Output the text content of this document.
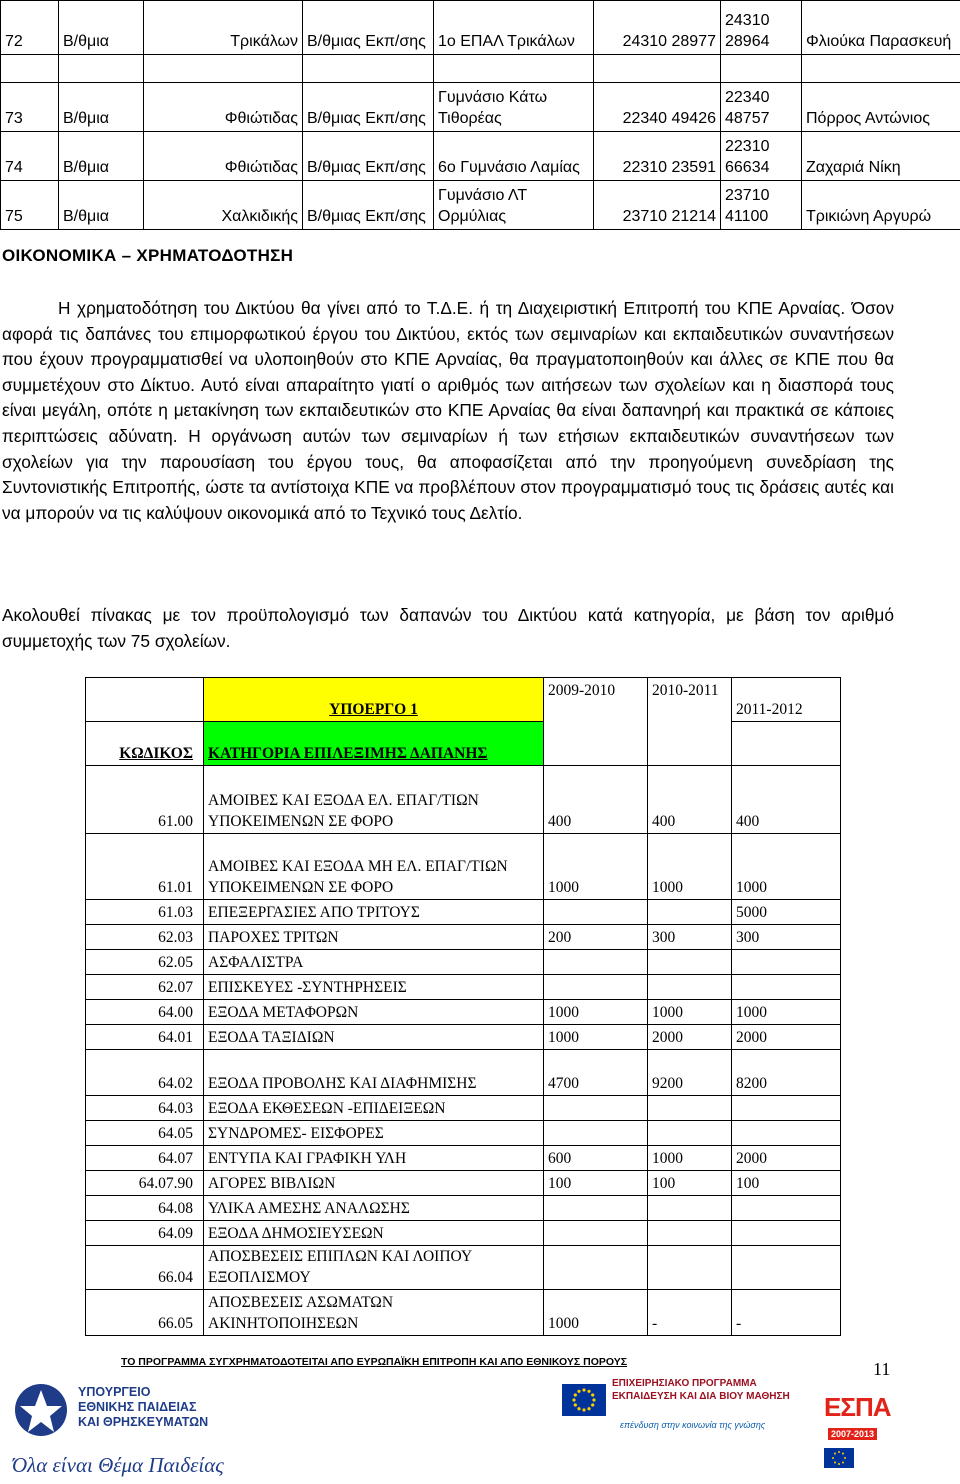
72	Β/θμια	Τρικάλων	Β/θμιας Εκπ/σης	1ο ΕΠΑΛ Τρικάλων	24310 28977	24310 28964	Φλιούκα Παρασκευή

73	Β/θμια	Φθιώτιδας	Β/θμιας Εκπ/σης	Γυμνάσιο Κάτω Τιθορέας	22340 49426	22340 48757	Πόρρος Αντώνιος
74	Β/θμια	Φθιώτιδας	Β/θμιας Εκπ/σης	6ο Γυμνάσιο Λαμίας	22310 23591	22310 66634	Ζαχαριά Νίκη
75	Β/θμια	Χαλκιδικής	Β/θμιας Εκπ/σης	Γυμνάσιο ΛΤ Ορμύλιας	23710 21214	23710 41100	Τρικιώνη Αργυρώ
ΟΙΚΟΝΟΜΙΚΑ – ΧΡΗΜΑΤΟΔΟΤΗΣΗ
Η χρηματοδότηση του Δικτύου θα γίνει από το Τ.Δ.Ε. ή τη Διαχειριστική Επιτροπή του ΚΠΕ Αρναίας. Όσον αφορά τις δαπάνες του επιμορφωτικού έργου του Δικτύου, εκτός των σεμιναρίων και εκπαιδευτικών συναντήσεων που έχουν προγραμματισθεί να υλοποιηθούν στο ΚΠΕ Αρναίας, θα πραγματοποιηθούν και άλλες σε ΚΠΕ που θα συμμετέχουν στο Δίκτυο. Αυτό είναι απαραίτητο γιατί ο αριθμός των αιτήσεων των σχολείων και η διασπορά τους είναι μεγάλη, οπότε η μετακίνηση των εκπαιδευτικών στο ΚΠΕ Αρναίας θα είναι δαπανηρή και πρακτικά σε κάποιες περιπτώσεις αδύνατη. Η οργάνωση αυτών των σεμιναρίων ή των ετήσιων εκπαιδευτικών συναντήσεων των σχολείων για την παρουσίαση του έργου τους, θα αποφασίζεται από την προηγούμενη συνεδρίαση της Συντονιστικής Επιτροπής, ώστε τα αντίστοιχα ΚΠΕ να προβλέπουν στον προγραμματισμό τους τις δράσεις αυτές και να μπορούν να τις καλύψουν οικονομικά από το Τεχνικό τους Δελτίο.
Ακολουθεί πίνακας με τον προϋπολογισμό των δαπανών του Δικτύου κατά κατηγορία, με βάση τον αριθμό συμμετοχής των 75 σχολείων.

	ΥΠΟΕΡΓΟ 1	2009-2010	2010-2011	2011-2012
ΚΩΔΙΚΟΣ	ΚΑΤΗΓΟΡΙΑ ΕΠΙΛΕΞΙΜΗΣ ΔΑΠΑΝΗΣ			
61.00	ΑΜΟΙΒΕΣ ΚΑΙ ΕΞΟΔΑ ΕΛ. ΕΠΑΓ/ΤΙΩΝ ΥΠΟΚΕΙΜΕΝΩΝ ΣΕ ΦΟΡΟ	400	400	400
61.01	ΑΜΟΙΒΕΣ ΚΑΙ ΕΞΟΔΑ ΜΗ ΕΛ. ΕΠΑΓ/ΤΙΩΝ ΥΠΟΚΕΙΜΕΝΩΝ ΣΕ ΦΟΡΟ	1000	1000	1000
61.03	ΕΠΕΞΕΡΓΑΣΙΕΣ ΑΠΟ ΤΡΙΤΟΥΣ			5000
62.03	ΠΑΡΟΧΕΣ ΤΡΙΤΩΝ	200	300	300
62.05	ΑΣΦΑΛΙΣΤΡΑ			
62.07	ΕΠΙΣΚΕΥΕΣ -ΣΥΝΤΗΡΗΣΕΙΣ			
64.00	ΕΞΟΔΑ ΜΕΤΑΦΟΡΩΝ	1000	1000	1000
64.01	ΕΞΟΔΑ ΤΑΞΙΔΙΩΝ	1000	2000	2000
64.02	ΕΞΟΔΑ ΠΡΟΒΟΛΗΣ ΚΑΙ ΔΙΑΦΗΜΙΣΗΣ	4700	9200	8200
64.03	ΕΞΟΔΑ ΕΚΘΕΣΕΩΝ -ΕΠΙΔΕΙΞΕΩΝ			
64.05	ΣΥΝΔΡΟΜΕΣ- ΕΙΣΦΟΡΕΣ			
64.07	ΕΝΤΥΠΑ ΚΑΙ ΓΡΑΦΙΚΗ ΥΛΗ	600	1000	2000
64.07.90	ΑΓΟΡΕΣ ΒΙΒΛΙΩΝ	100	100	100
64.08	ΥΛΙΚΑ ΑΜΕΣΗΣ ΑΝΑΛΩΣΗΣ			
64.09	ΕΞΟΔΑ ΔΗΜΟΣΙΕΥΣΕΩΝ			
66.04	ΑΠΟΣΒΕΣΕΙΣ ΕΠΙΠΛΩΝ ΚΑΙ ΛΟΙΠΟΥ ΕΞΟΠΛΙΣΜΟΥ			
66.05	ΑΠΟΣΒΕΣΕΙΣ ΑΣΩΜΑΤΩΝ ΑΚΙΝΗΤΟΠΟΙΗΣΕΩΝ	1000	-	-
ΤΟ ΠΡΟΓΡΑΜΜΑ ΣΥΓΧΡΗΜΑΤΟΔΟΤΕΙΤΑΙ ΑΠΟ ΕΥΡΩΠΑΪΚΗ ΕΠΙΤΡΟΠΗ ΚΑΙ ΑΠΟ ΕΘΝΙΚΟΥΣ ΠΟΡΟΥΣ	11
ΥΠΟΥΡΓΕΙΟ
ΕΘΝΙΚΗΣ ΠΑΙΔΕΙΑΣ
ΚΑΙ ΘΡΗΣΚΕΥΜΑΤΩΝ
Όλα είναι Θέμα Παιδείας
ΕΠΙΧΕΙΡΗΣΙΑΚΟ ΠΡΟΓΡΑΜΜΑ
ΕΚΠΑΙΔΕΥΣΗ ΚΑΙ ΔΙΑ ΒΙΟΥ ΜΑΘΗΣΗ
επένδυση στην κοινωνία της γνώσης
ΕΣΠΑ
2007-2013
